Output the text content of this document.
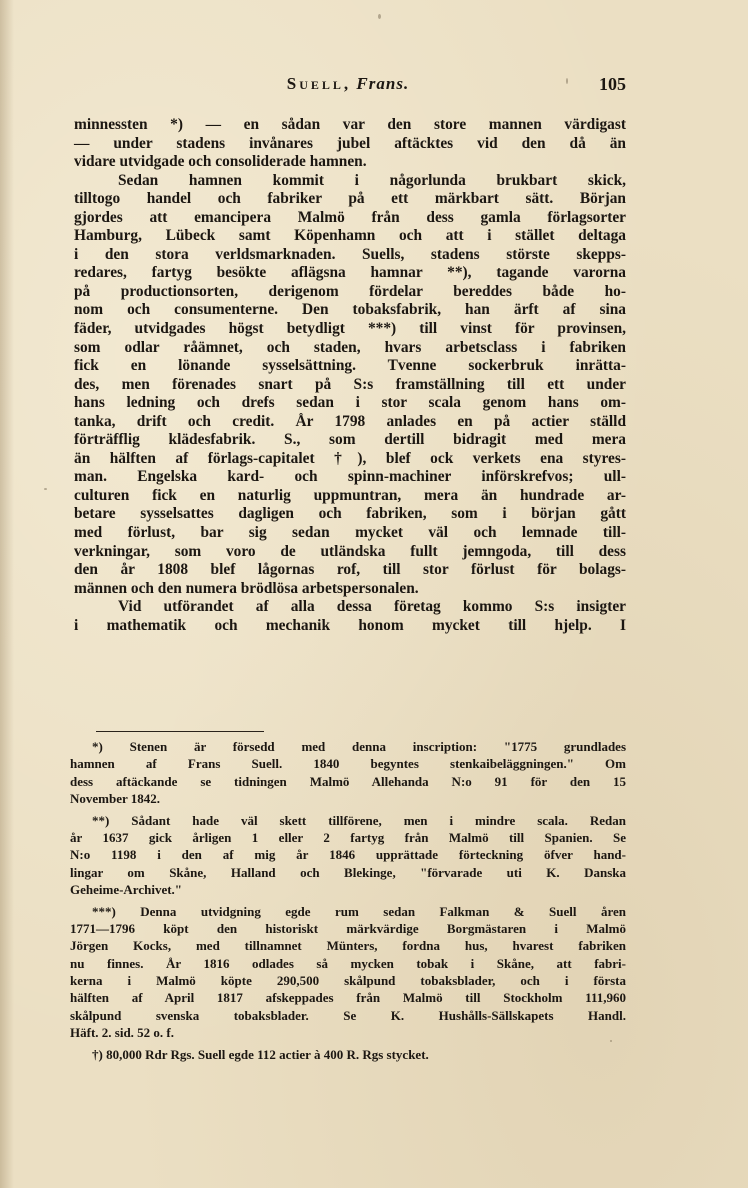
Suell, Frans.	105
minnessten *) — en sådan var den store mannen värdigast
— under stadens invånares jubel aftäcktes vid den då än
vidare utvidgade och consoliderade hamnen.
Sedan hamnen kommit i någorlunda brukbart skick,
tilltogo handel och fabriker på ett märkbart sätt. Början
gjordes att emancipera Malmö från dess gamla förlagsorter
Hamburg, Lübeck samt Köpenhamn och att i stället deltaga
i den stora verldsmarknaden. Suells, stadens störste skepps-
redares, fartyg besökte aflägsna hamnar **), tagande varorna
på productionsorten, derigenom fördelar bereddes både ho-
nom och consumenterne. Den tobaksfabrik, han ärft af sina
fäder, utvidgades högst betydligt ***) till vinst för provinsen,
som odlar råämnet, och staden, hvars arbetsclass i fabriken
fick en lönande sysselsättning. Tvenne sockerbruk inrätta-
des, men förenades snart på S:s framställning till ett under
hans ledning och drefs sedan i stor scala genom hans om-
tanka, drift och credit. År 1798 anlades en på actier ställd
förträfflig klädesfabrik. S., som dertill bidragit med mera
än hälften af förlags-capitalet †), blef ock verkets ena styres-
man. Engelska kard- och spinn-machiner införskrefvos; ull-
culturen fick en naturlig uppmuntran, mera än hundrade ar-
betare sysselsattes dagligen och fabriken, som i början gått
med förlust, bar sig sedan mycket väl och lemnade till-
verkningar, som voro de utländska fullt jemngoda, till dess
den år 1808 blef lågornas rof, till stor förlust för bolags-
männen och den numera brödlösa arbetspersonalen.
Vid utförandet af alla dessa företag kommo S:s insigter
i mathematik och mechanik honom mycket till hjelp. I
*) Stenen är försedd med denna inscription: "1775 grundlades
hamnen af Frans Suell. 1840 begyntes stenkaibeläggningen." Om
dess aftäckande se tidningen Malmö Allehanda N:o 91 för den 15
November 1842.
**) Sådant hade väl skett tillförene, men i mindre scala. Redan
år 1637 gick årligen 1 eller 2 fartyg från Malmö till Spanien. Se
N:o 1198 i den af mig år 1846 upprättade förteckning öfver hand-
lingar om Skåne, Halland och Blekinge, "förvarade uti K. Danska
Geheime-Archivet."
***) Denna utvidgning egde rum sedan Falkman & Suell åren
1771—1796 köpt den historiskt märkvärdige Borgmästaren i Malmö
Jörgen Kocks, med tillnamnet Münters, fordna hus, hvarest fabriken
nu finnes. År 1816 odlades så mycken tobak i Skåne, att fabri-
kerna i Malmö köpte 290,500 skålpund tobaksblader, och i första
hälften af April 1817 afskeppades från Malmö till Stockholm 111,960
skålpund svenska tobaksblader. Se K. Hushålls-Sällskapets Handl.
Häft. 2. sid. 52 o. f.
†) 80,000 Rdr Rgs. Suell egde 112 actier à 400 R. Rgs stycket.
